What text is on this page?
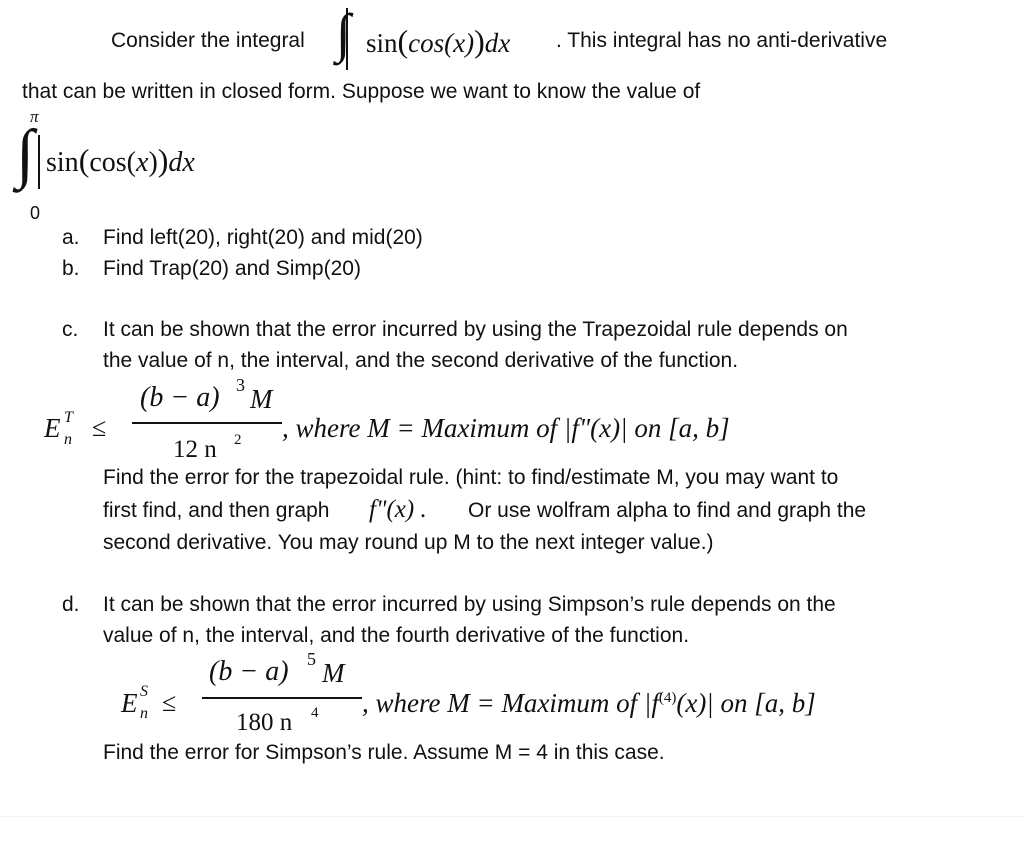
Consider the integral ∫ sin(cos(x))dx . This integral has no anti-derivative
that can be written in closed form. Suppose we want to know the value of
π
∫ sin(cos(x))dx
0
a. Find left(20), right(20) and mid(20)
b. Find Trap(20) and Simp(20)
c. It can be shown that the error incurred by using the Trapezoidal rule depends on
the value of n, the interval, and the second derivative of the function.
E T
n ≤
(b − a) 3 M
12 n 2 , where M = Maximum of |f"(x)| on [a, b]
Find the error for the trapezoidal rule. (hint: to find/estimate M, you may want to
first find, and then graph f"(x) . Or use wolfram alpha to find and graph the
second derivative. You may round up M to the next integer value.)
d. It can be shown that the error incurred by using Simpson’s rule depends on the
value of n, the interval, and the fourth derivative of the function.
E S
n ≤
(b − a) 5 M
180 n 4 , where M = Maximum of $|f^{(4)}(x)|$ on [a, b]
Find the error for Simpson’s rule. Assume M = 4 in this case.
